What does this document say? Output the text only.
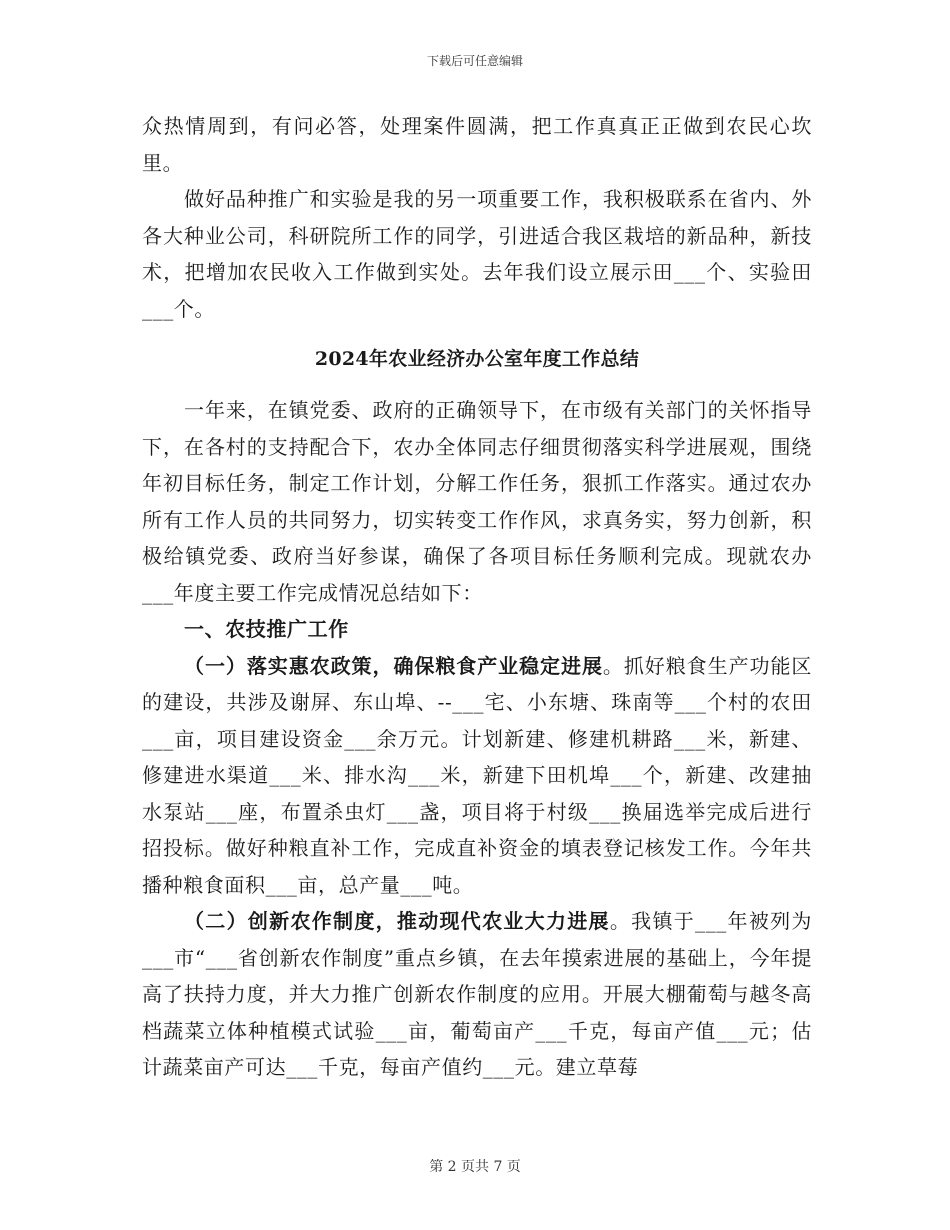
下载后可任意编辑

众热情周到，有问必答，处理案件圆满，把工作真真正正做到农民心坎里。

做好品种推广和实验是我的另一项重要工作，我积极联系在省内、外各大种业公司，科研院所工作的同学，引进适合我区栽培的新品种，新技术，把增加农民收入工作做到实处。去年我们设立展示田___个、实验田___个。

2024年农业经济办公室年度工作总结

一年来，在镇党委、政府的正确领导下，在市级有关部门的关怀指导下，在各村的支持配合下，农办全体同志仔细贯彻落实科学进展观，围绕年初目标任务，制定工作计划，分解工作任务，狠抓工作落实。通过农办所有工作人员的共同努力，切实转变工作作风，求真务实，努力创新，积极给镇党委、政府当好参谋，确保了各项目标任务顺利完成。现就农办___年度主要工作完成情况总结如下：

一、农技推广工作

（一）落实惠农政策，确保粮食产业稳定进展。抓好粮食生产功能区的建设，共涉及谢屏、东山埠、--___宅、小东塘、珠南等___个村的农田___亩，项目建设资金___余万元。计划新建、修建机耕路___米，新建、修建进水渠道___米、排水沟___米，新建下田机埠___个，新建、改建抽水泵站___座，布置杀虫灯___盏，项目将于村级___换届选举完成后进行招投标。做好种粮直补工作，完成直补资金的填表登记核发工作。今年共播种粮食面积___亩，总产量___吨。

（二）创新农作制度，推动现代农业大力进展。我镇于___年被列为___市“___省创新农作制度”重点乡镇，在去年摸索进展的基础上，今年提高了扶持力度，并大力推广创新农作制度的应用。开展大棚葡萄与越冬高档蔬菜立体种植模式试验___亩，葡萄亩产___千克，每亩产值___元；估计蔬菜亩产可达___千克，每亩产值约___元。建立草莓

第 2 页共 7 页
